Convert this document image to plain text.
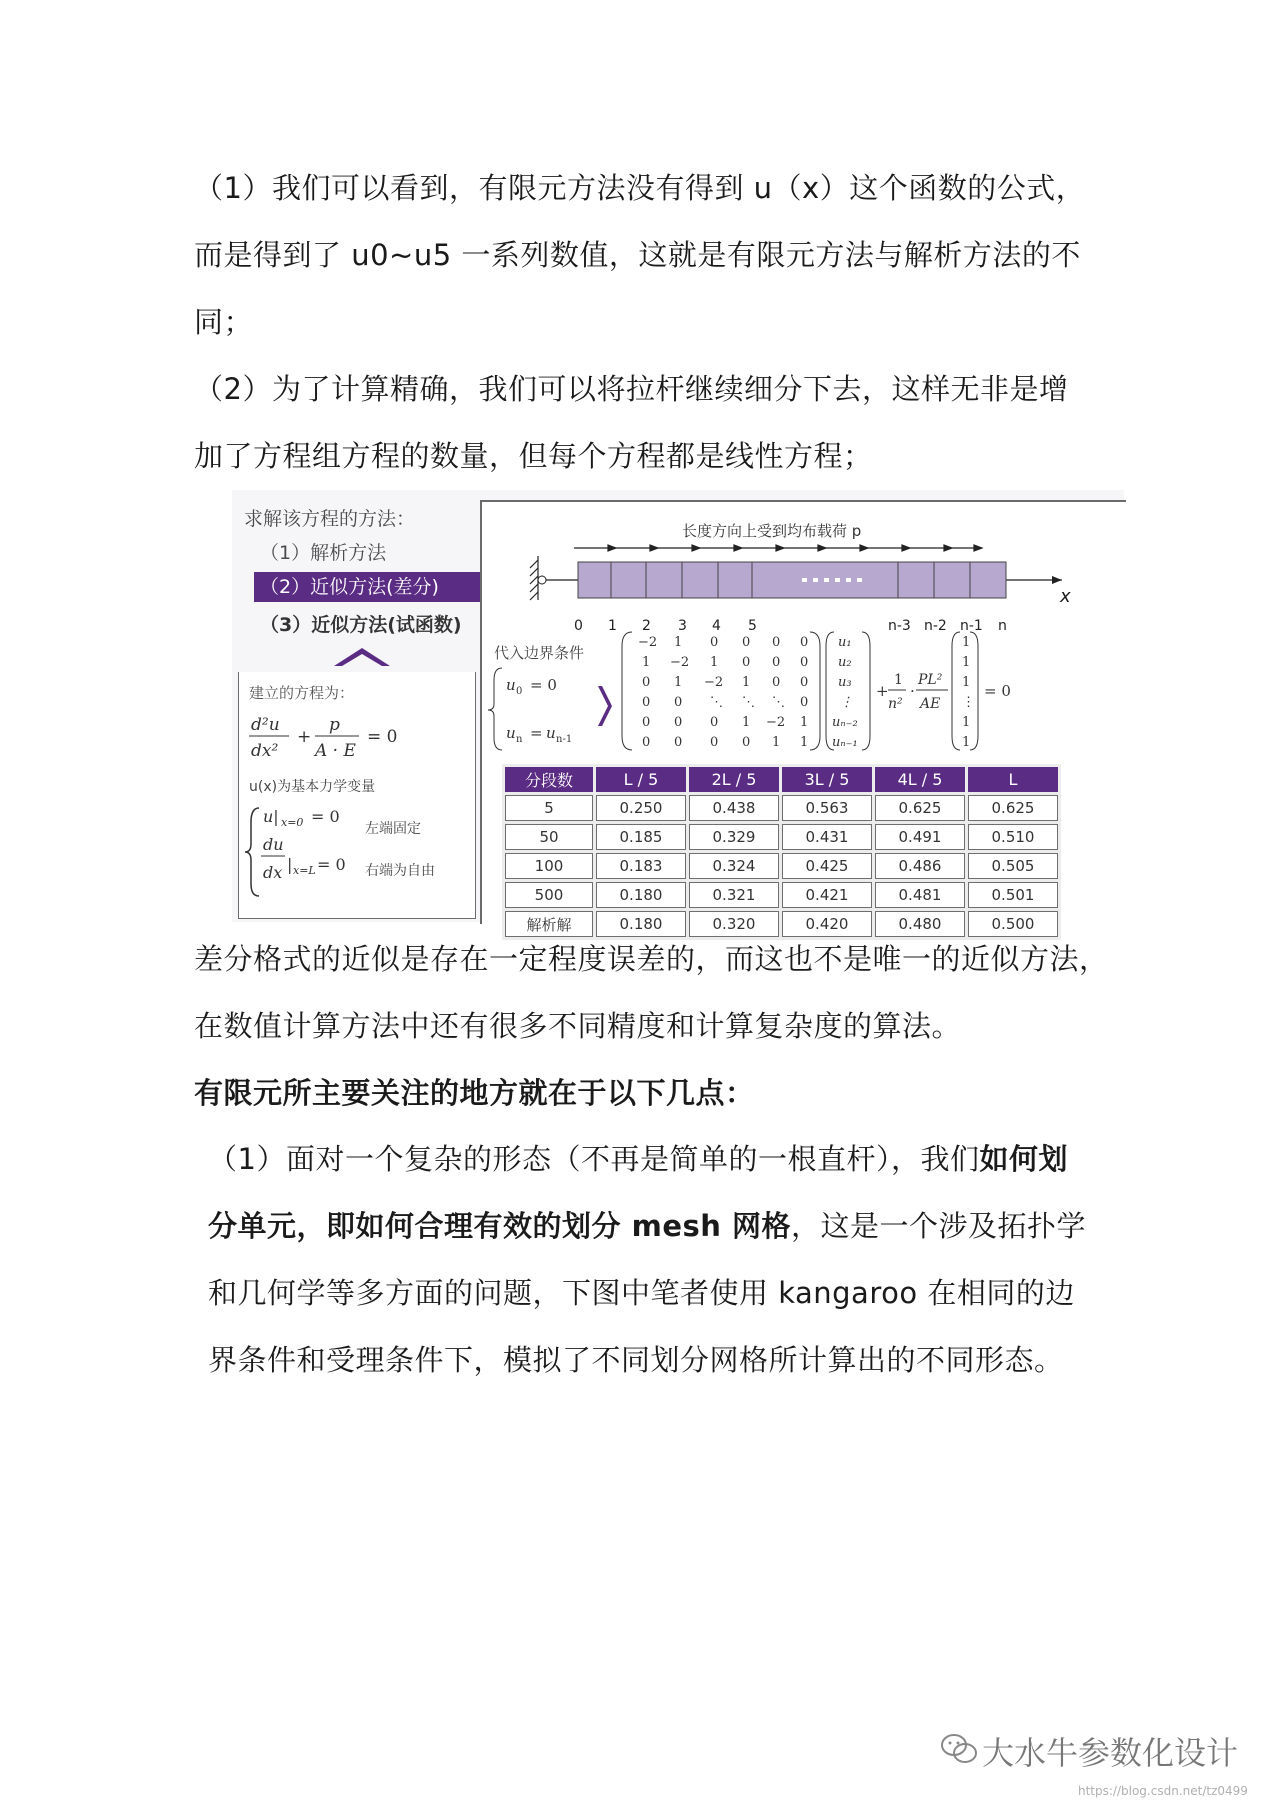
（1）我们可以看到，有限元方法没有得到 u（x）这个函数的公式，而是得到了 u0~u5 一系列数值，这就是有限元方法与解析方法的不同；
（2）为了计算精确，我们可以将拉杆继续细分下去，这样无非是增加了方程组方程的数量，但每个方程都是线性方程；
求解该方程的方法：
（1）解析方法
（2）近似方法(差分)
（3）近似方法(试函数)
建立的方程为：
d²u
dx²
+
p
A · E
= 0
u(x)为基本力学变量
u| x=0 = 0
du
dx | x=L = 0
左端固定
右端为自由
长度方向上受到均布载荷 p
x
0 1 2 3 4 5	n-3 n-2 n-1 n
代入边界条件
u 0 = 0
u n = u n-1
−2 1 0 0 0 0
1 −2 1 0 0 0
0 1 −2 1 0 0
0 0 ⋱ ⋱ ⋱ 0
0 0 0 1 −2 1
0 0 0 0 1 1
u₁
u₂
u₃
⋮
uₙ₋₂
uₙ₋₁
+
1
n²
·
PL²
AE
1
1
1
⋮
1
1
= 0
分段数	L / 5	2L / 5	3L / 5	4L / 5	L
5	0.250	0.438	0.563	0.625	0.625
50	0.185	0.329	0.431	0.491	0.510
100	0.183	0.324	0.425	0.486	0.505
500	0.180	0.321	0.421	0.481	0.501
解析解	0.180	0.320	0.420	0.480	0.500
差分格式的近似是存在一定程度误差的，而这也不是唯一的近似方法，在数值计算方法中还有很多不同精度和计算复杂度的算法。
有限元所主要关注的地方就在于以下几点：
（1）面对一个复杂的形态（不再是简单的一根直杆），我们如何划分单元，即如何合理有效的划分 mesh 网格，这是一个涉及拓扑学和几何学等多方面的问题，下图中笔者使用 kangaroo 在相同的边界条件和受理条件下，模拟了不同划分网格所计算出的不同形态。
大水牛参数化设计
https://blog.csdn.net/tz0499
